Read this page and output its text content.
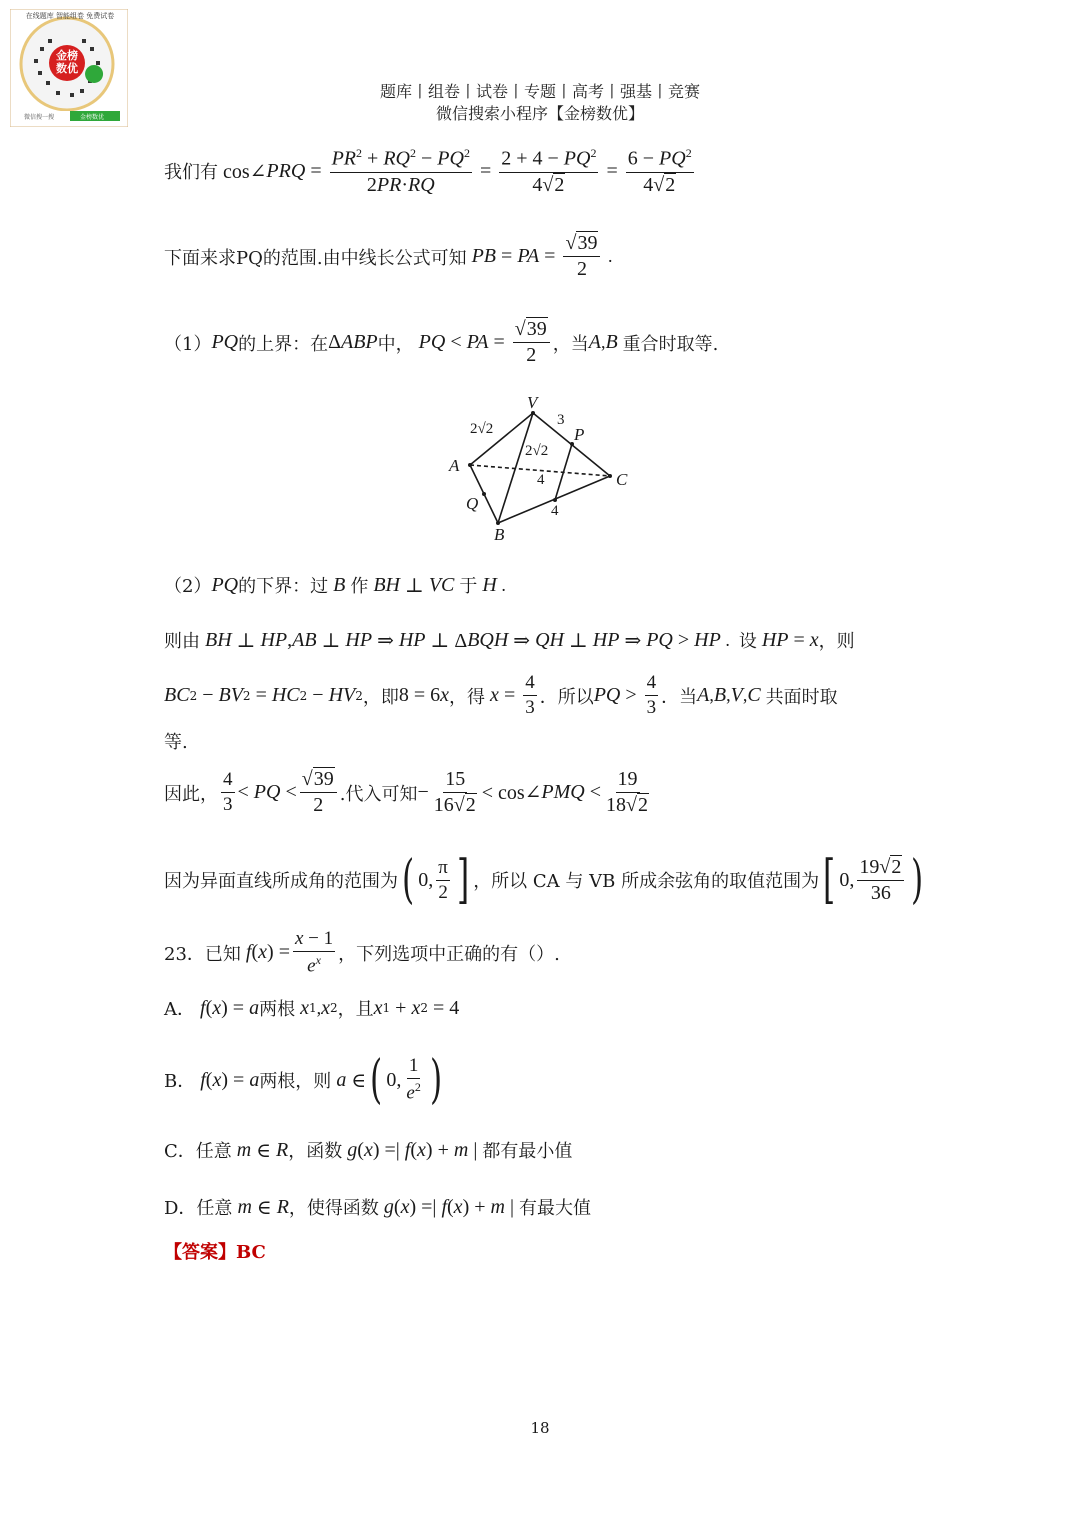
金榜数优
在线题库 智能组卷 免费试卷
微信搜一搜	金榜数优
题库丨组卷丨试卷丨专题丨高考丨强基丨竞赛
微信搜索小程序【金榜数优】
我们有 cos∠ PRQ = $\frac{PR^2 + RQ^2 - PQ^2}{2PR\cdot RQ} = \frac{2 + 4 - PQ^2}{4√2} = \frac{6 - PQ^2}{4√2}$
下面来求PQ的范围.由中线长公式可知 PB = PA = $\frac{√39}{2}$ .
（1） PQ 的上界：在 Δ ABP 中， PQ < PA = $\frac{√39}{2}$ ，当 A , B 重合时取等.
V
A
B
C
P
Q
2√2
2√2
3
4
4
（2） PQ 的下界：过 B 作 BH ⊥ VC 于 H .
则由 BH ⊥ HP , AB ⊥ HP ⇒ HP ⊥ Δ BQH ⇒ QH ⊥ HP ⇒ PQ > HP . 设 HP = x ，则
BC 2 − BV 2 = HC 2 − HV 2 ，即 8 = 6 x ，得 $x = \frac{4}{3}$ ．所以 PQ > $\frac{4}{3}$ ．当 A , B , V , C 共面时取
等.
因此， $\frac{4}{3}$ < PQ < $\frac{√39}{2}$ .代入可知 − $\frac{15}{16√2}$ < cos∠ PMQ < $\frac{19}{18√2}$
因为异面直线所成角的范围为 ( 0, $\frac{\pi}{2}$ ] ，所以 CA 与 VB 所成余弦角的取值范围为 [ 0, $\frac{19√2}{36}$ )
23．已知 f ( x ) = $\frac{x - 1}{e^x}$ ，下列选项中正确的有（）.
A． f ( x ) = a 两根 x 1 , x 2 ，且 x 1 + x 2 = 4
B． f ( x ) = a 两根，则 a ∈ ( 0, $\frac{1}{e^2}$ )
C．任意 m ∈ R ，函数 g ( x ) =| f ( x ) + m | 都有最小值
D．任意 m ∈ R ，使得函数 g ( x ) =| f ( x ) + m | 有最大值
【答案】BC
18
